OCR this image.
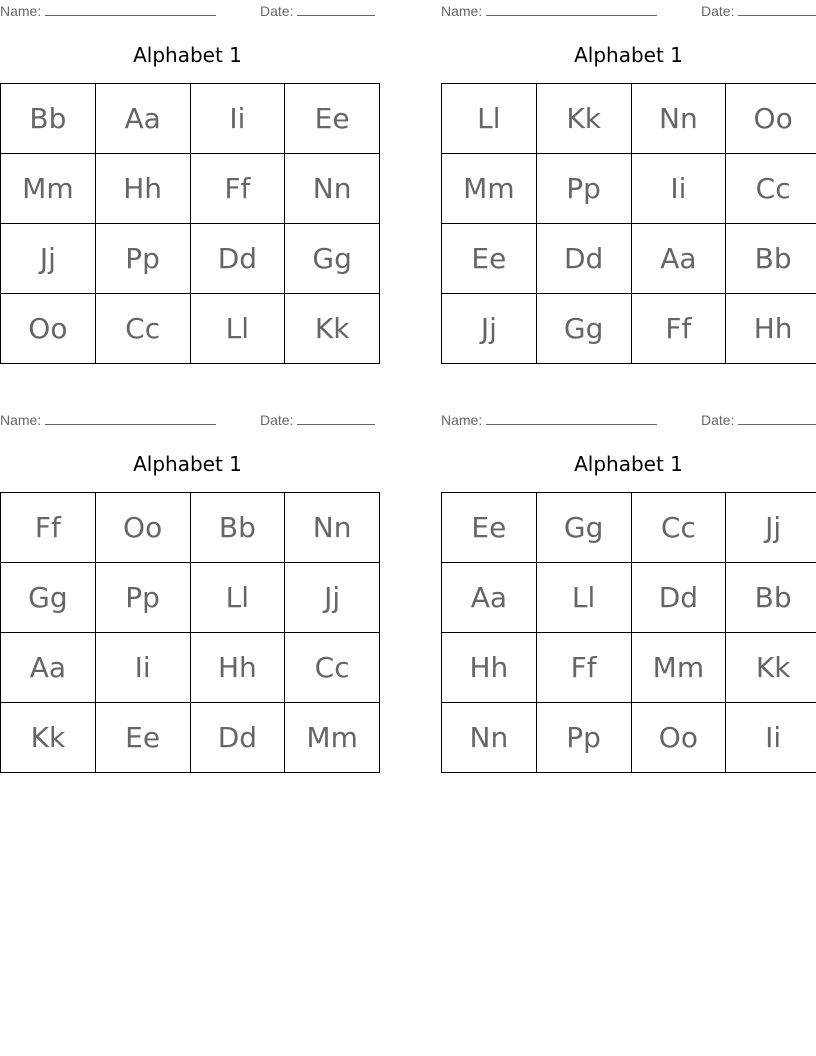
Name:	Date:
Alphabet 1
Bb	Aa	Ii	Ee
Mm	Hh	Ff	Nn
Jj	Pp	Dd	Gg
Oo	Cc	Ll	Kk
Name:	Date:
Alphabet 1
Ll	Kk	Nn	Oo
Mm	Pp	Ii	Cc
Ee	Dd	Aa	Bb
Jj	Gg	Ff	Hh
Name:	Date:
Alphabet 1
Ff	Oo	Bb	Nn
Gg	Pp	Ll	Jj
Aa	Ii	Hh	Cc
Kk	Ee	Dd	Mm
Name:	Date:
Alphabet 1
Ee	Gg	Cc	Jj
Aa	Ll	Dd	Bb
Hh	Ff	Mm	Kk
Nn	Pp	Oo	Ii
